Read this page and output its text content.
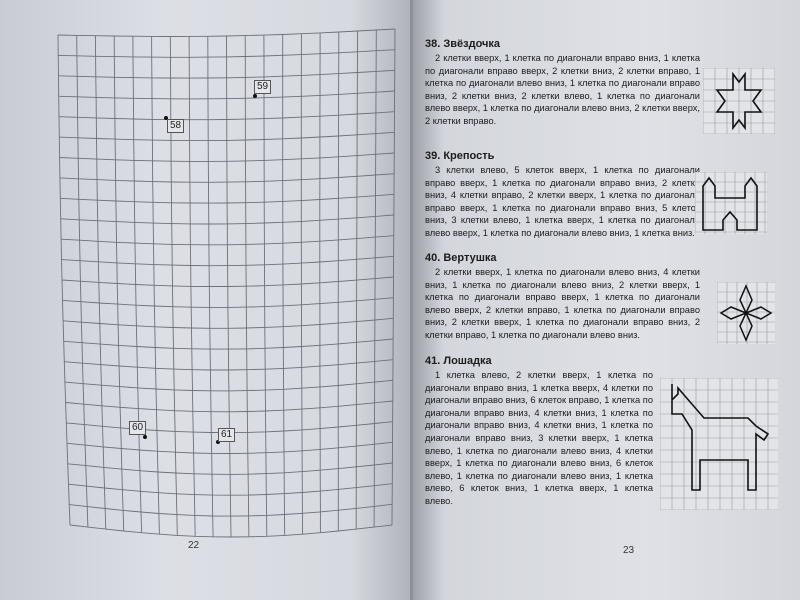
59
58
60
61
22	23
38. Звёздочка

2 клетки вверх, 1 клетка по диагонали вправо вниз, 1 клетка по диагонали вправо вверх, 2 клетки вниз, 2 клетки вправо, 1 клетка по диагонали влево вниз, 1 клетка по диагонали вправо вниз, 2 клетки вниз, 2 клетки влево, 1 клетка по диагонали влево вверх, 1 клетка по диагонали влево вниз, 2 клетки вверх, 2 клетки вправо.

39. Крепость

3 клетки влево, 5 клеток вверх, 1 клетка по диагонали вправо вверх, 1 клетка по диагонали вправо вниз, 2 клетки вниз, 4 клетки вправо, 2 клетки вверх, 1 клетка по диагонали вправо вверх, 1 клетка по диагонали вправо вниз, 5 клеток вниз, 3 клетки влево, 1 клетка вверх, 1 клетка по диагонали влево вверх, 1 клетка по диагонали влево вниз, 1 клетка вниз.

40. Вертушка

2 клетки вверх, 1 клетка по диагонали влево вниз, 4 клетки вниз, 1 клетка по диагонали влево вниз, 2 клетки вверх, 1 клетка по диагонали вправо вверх, 1 клетка по диагонали влево вверх, 2 клетки вправо, 1 клетка по диагонали вправо вниз, 2 клетки вверх, 1 клетка по диагонали вправо вниз, 2 клетки вправо, 1 клетка по диагонали влево вниз.

41. Лошадка

1 клетка влево, 2 клетки вверх, 1 клетка по диагонали вправо вниз, 1 клетка вверх, 4 клетки по диагонали вправо вниз, 6 клеток вправо, 1 клетка по диагонали вправо вниз, 4 клетки вниз, 1 клетка по диагонали вправо вниз, 4 клетки вниз, 1 клетка по диагонали вправо вниз, 3 клетки вверх, 1 клетка влево, 1 клетка по диагонали влево вниз, 4 клетки вверх, 1 клетка по диагонали влево вниз, 6 клеток влево, 1 клетка по диагонали влево вниз, 1 клетка влево, 6 клеток вниз, 1 клетка вверх, 1 клетка влево.
